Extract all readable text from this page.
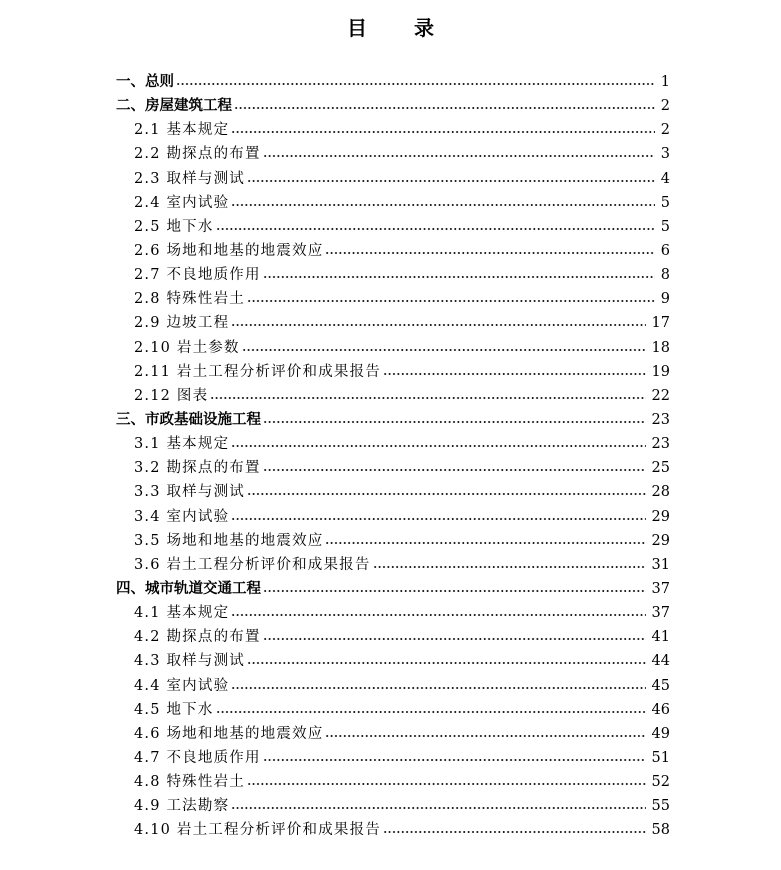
目 录
一、总则	1
二、房屋建筑工程	2
2.1 基本规定	2
2.2 勘探点的布置	3
2.3 取样与测试	4
2.4 室内试验	5
2.5 地下水	5
2.6 场地和地基的地震效应	6
2.7 不良地质作用	8
2.8 特殊性岩土	9
2.9 边坡工程	17
2.10 岩土参数	18
2.11 岩土工程分析评价和成果报告	19
2.12 图表	22
三、市政基础设施工程	23
3.1 基本规定	23
3.2 勘探点的布置	25
3.3 取样与测试	28
3.4 室内试验	29
3.5 场地和地基的地震效应	29
3.6 岩土工程分析评价和成果报告	31
四、城市轨道交通工程	37
4.1 基本规定	37
4.2 勘探点的布置	41
4.3 取样与测试	44
4.4 室内试验	45
4.5 地下水	46
4.6 场地和地基的地震效应	49
4.7 不良地质作用	51
4.8 特殊性岩土	52
4.9 工法勘察	55
4.10 岩土工程分析评价和成果报告	58
